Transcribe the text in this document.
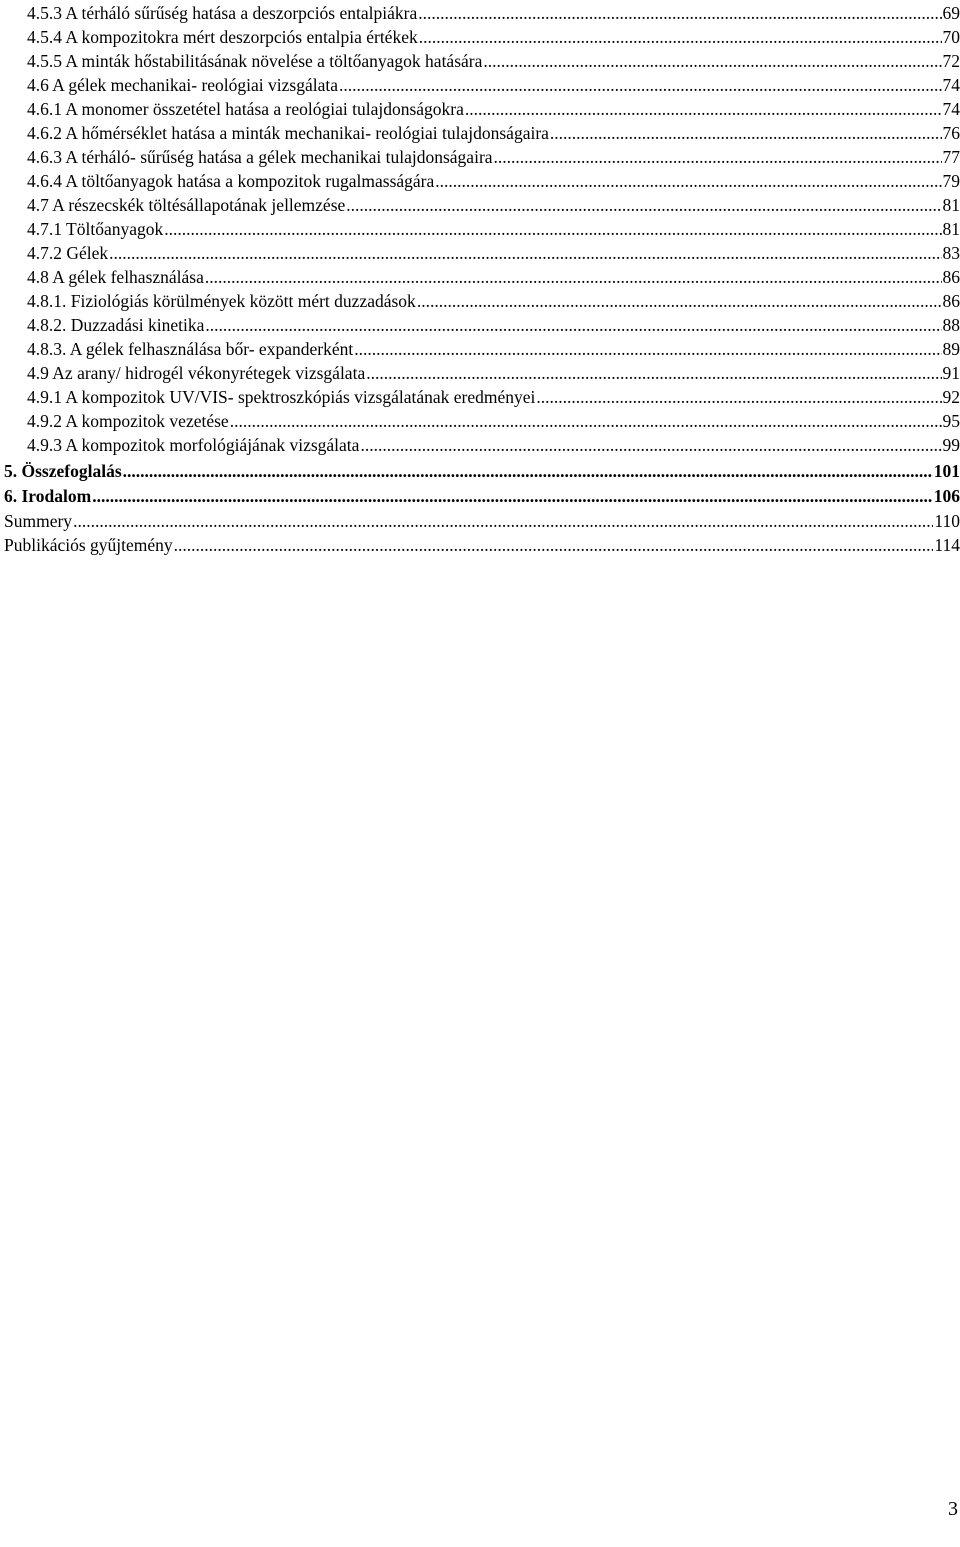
4.5.3 A térháló sűrűség hatása a deszorpciós entalpiákra .....	69
4.5.4 A kompozitokra mért deszorpciós entalpia értékek .....	70
4.5.5 A minták hőstabilitásának növelése a töltőanyagok hatására .....	72
4.6 A gélek mechanikai- reológiai vizsgálata .....	74
4.6.1 A monomer összetétel hatása a reológiai tulajdonságokra .....	74
4.6.2 A hőmérséklet hatása a minták mechanikai- reológiai tulajdonságaira .....	76
4.6.3 A térháló- sűrűség hatása a gélek mechanikai tulajdonságaira .....	77
4.6.4 A töltőanyagok hatása a kompozitok rugalmasságára .....	79
4.7 A részecskék töltésállapotának jellemzése .....	81
4.7.1 Töltőanyagok .....	81
4.7.2 Gélek .....	83
4.8 A gélek felhasználása .....	86
4.8.1. Fiziológiás körülmények között mért duzzadások .....	86
4.8.2. Duzzadási kinetika .....	88
4.8.3. A gélek felhasználása bőr- expanderként .....	89
4.9 Az arany/ hidrogél vékonyrétegek vizsgálata .....	91
4.9.1 A kompozitok UV/VIS- spektroszkópiás vizsgálatának eredményei .....	92
4.9.2 A kompozitok vezetése .....	95
4.9.3 A kompozitok morfológiájának vizsgálata .....	99
5. Összefoglalás .....	101
6. Irodalom .....	106
Summery .....	110
Publikációs gyűjtemény .....	114
3
